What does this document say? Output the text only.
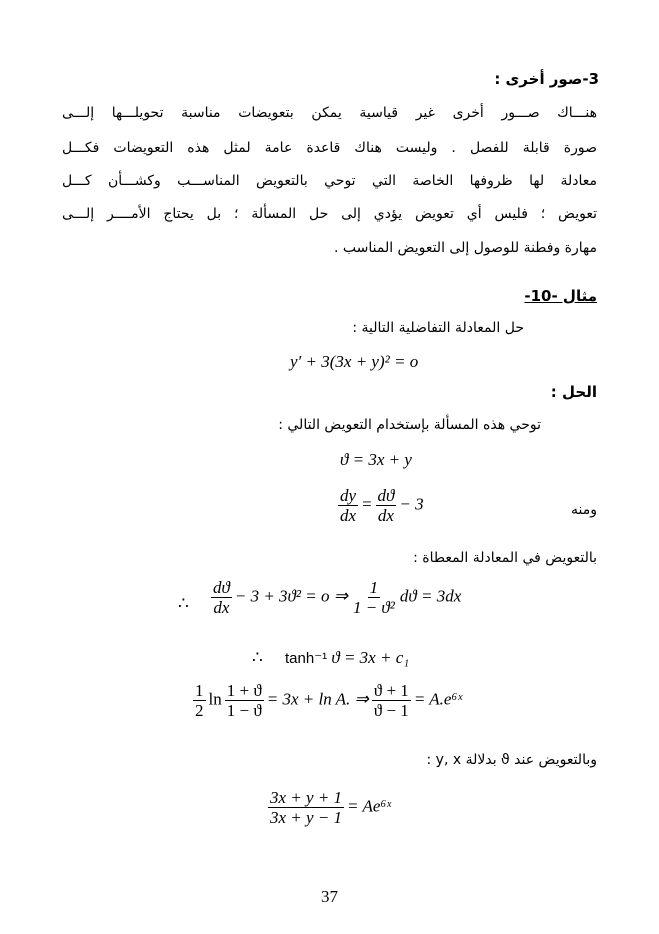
3-صور أخرى :
هنـــاك صـــور أخرى غير قياسية يمكن بتعويضات مناسبة تحويلـــها إلـــى
صورة قابلة للفصل . وليست هناك قاعدة عامة لمثل هذه التعويضات فكـــل
معادلة لها ظروفها الخاصة التي توحي بالتعويض المناســـب وكشـــأن كـــل
تعويض ؛ فليس أي تعويض يؤدي إلى حل المسألة ؛ بل يحتاج الأمــــر إلـــى
مهارة وفطنة للوصول إلى التعويض المناسب .
مثال -10-
حل المعادلة التفاضلية التالية :
y′ + 3(3x + y)² = o
الحل :
توحي هذه المسألة بإستخدام التعويض التالي :
ϑ = 3x + y
$\frac{dy}{dx} = \frac{dϑ}{dx} - 3$	ومنه
بالتعويض في المعادلة المعطاة :
∴ $\frac{dϑ}{dx} - 3 + 3ϑ^2 = o$ ⇒ $\frac{1}{\text{1 − ϑ²}}$ dϑ = 3dx
∴ tanh⁻¹ ϑ = 3x + c₁
$\frac{1}{2}$ $\ln \frac{1 + ϑ}{1 - ϑ} = 3x + \ln A$. ⇒ $\frac{ϑ + 1}{ϑ - 1}$ = A.e⁶ˣ
وبالتعويض عند ϑ بدلالة y, x :
$\frac{3x + y + 1}{3x + y - 1}$ = Ae⁶ˣ
37
